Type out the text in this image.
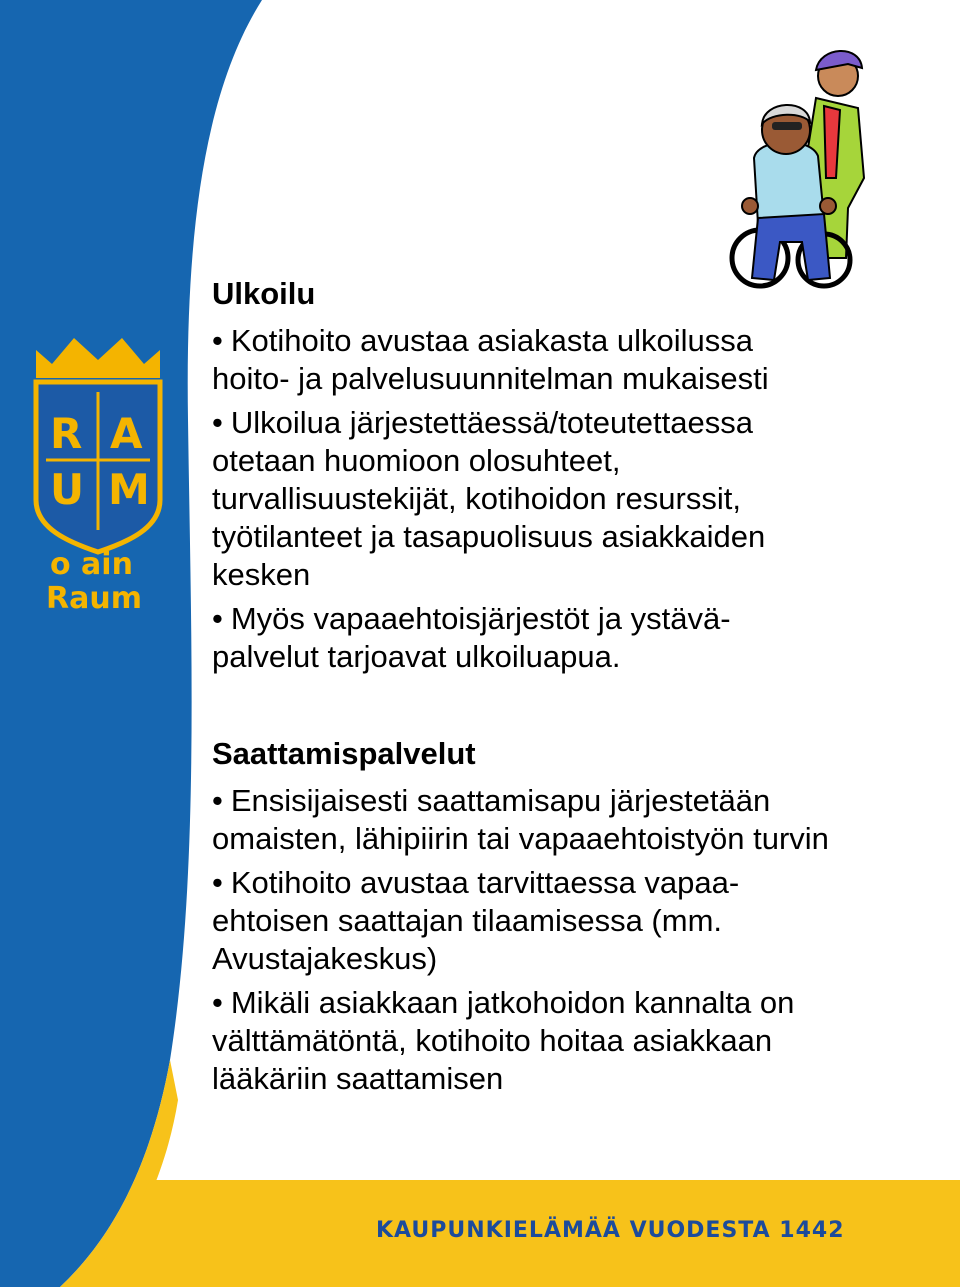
R A
U M
o ain
Raum

Ulkoilu

• Kotihoito avustaa asiakasta ulkoilussa

hoito- ja palvelusuunnitelman mukaisesti

• Ulkoilua järjestettäessä/toteutettaessa

otetaan huomioon olosuhteet,

turvallisuustekijät, kotihoidon resurssit,

työtilanteet ja tasapuolisuus asiakkaiden

kesken

• Myös vapaaehtoisjärjestöt ja ystävä-

palvelut tarjoavat ulkoiluapua.

Saattamispalvelut

• Ensisijaisesti saattamisapu järjestetään

omaisten, lähipiirin tai vapaaehtoistyön turvin

• Kotihoito avustaa tarvittaessa vapaa-

ehtoisen saattajan tilaamisessa (mm.

Avustajakeskus)

• Mikäli asiakkaan jatkohoidon kannalta on

välttämätöntä, kotihoito hoitaa asiakkaan

lääkäriin saattamisen

KAUPUNKIELÄMÄÄ VUODESTA 1442
